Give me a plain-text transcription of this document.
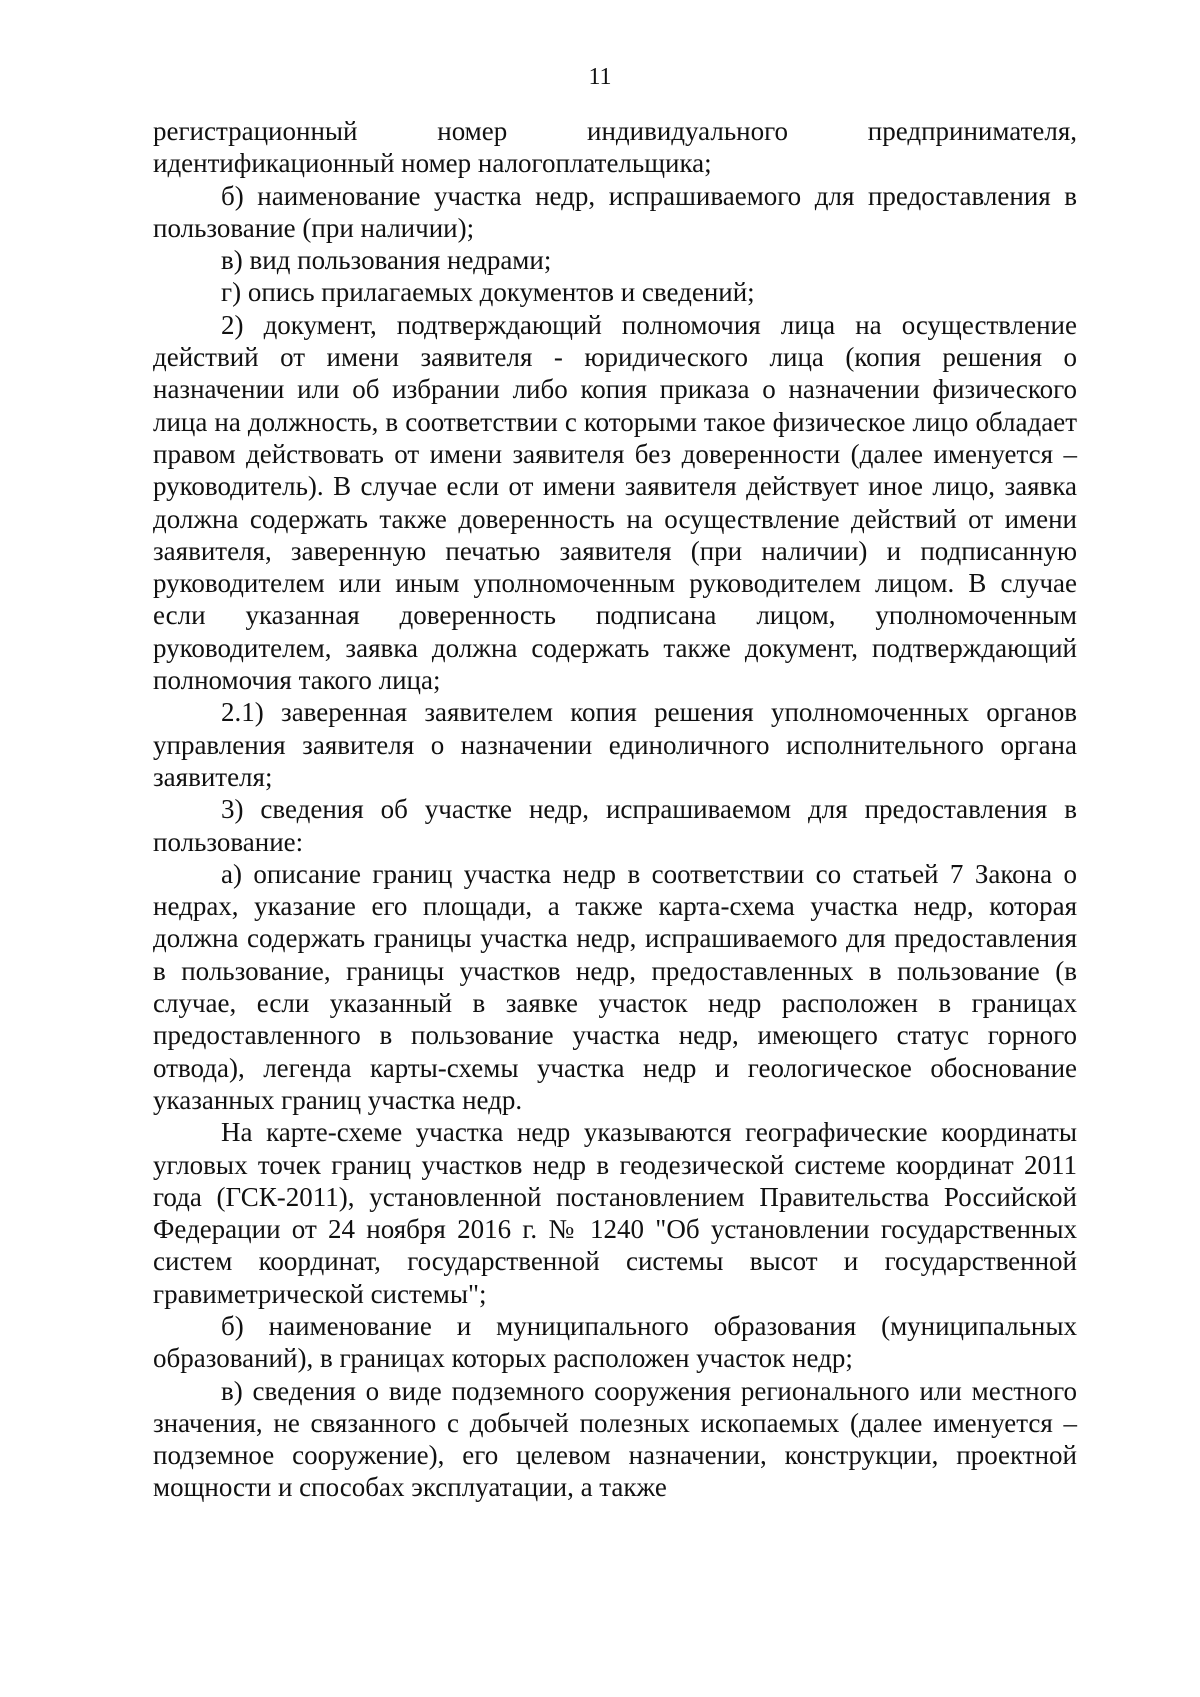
11

регистрационный номер индивидуального предпринимателя, идентификационный номер налогоплательщика;

б) наименование участка недр, испрашиваемого для предоставления в пользование (при наличии);

в) вид пользования недрами;

г) опись прилагаемых документов и сведений;

2) документ, подтверждающий полномочия лица на осуществление действий от имени заявителя - юридического лица (копия решения о назначении или об избрании либо копия приказа о назначении физического лица на должность, в соответствии с которыми такое физическое лицо обладает правом действовать от имени заявителя без доверенности (далее именуется – руководитель). В случае если от имени заявителя действует иное лицо, заявка должна содержать также доверенность на осуществление действий от имени заявителя, заверенную печатью заявителя (при наличии) и подписанную руководителем или иным уполномоченным руководителем лицом. В случае если указанная доверенность подписана лицом, уполномоченным руководителем, заявка должна содержать также документ, подтверждающий полномочия такого лица;

2.1) заверенная заявителем копия решения уполномоченных органов управления заявителя о назначении единоличного исполнительного органа заявителя;

3) сведения об участке недр, испрашиваемом для предоставления в пользование:

а) описание границ участка недр в соответствии со статьей 7 Закона о недрах, указание его площади, а также карта-схема участка недр, которая должна содержать границы участка недр, испрашиваемого для предоставления в пользование, границы участков недр, предоставленных в пользование (в случае, если указанный в заявке участок недр расположен в границах предоставленного в пользование участка недр, имеющего статус горного отвода), легенда карты-схемы участка недр и геологическое обоснование указанных границ участка недр.

На карте-схеме участка недр указываются географические координаты угловых точек границ участков недр в геодезической системе координат 2011 года (ГСК-2011), установленной постановлением Правительства Российской Федерации от 24 ноября 2016 г. № 1240 "Об установлении государственных систем координат, государственной системы высот и государственной гравиметрической системы";

б) наименование и муниципального образования (муниципальных образований), в границах которых расположен участок недр;

в) сведения о виде подземного сооружения регионального или местного значения, не связанного с добычей полезных ископаемых (далее именуется – подземное сооружение), его целевом назначении, конструкции, проектной мощности и способах эксплуатации, а также
